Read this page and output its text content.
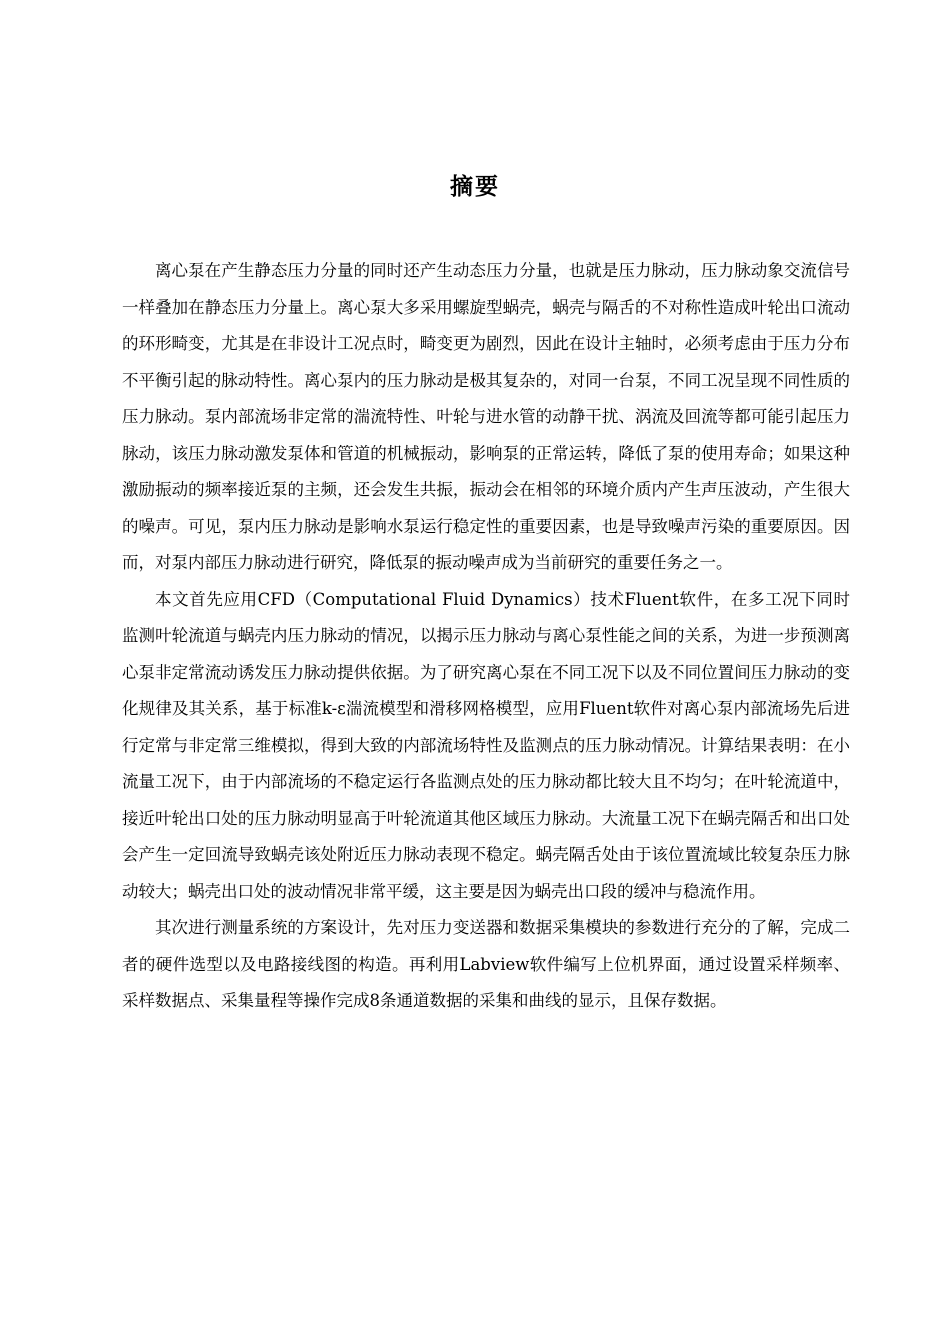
摘要

离心泵在产生静态压力分量的同时还产生动态压力分量，也就是压力脉动，压力脉动象交流信号一样叠加在静态压力分量上。离心泵大多采用螺旋型蜗壳，蜗壳与隔舌的不对称性造成叶轮出口流动的环形畸变，尤其是在非设计工况点时，畸变更为剧烈，因此在设计主轴时，必须考虑由于压力分布不平衡引起的脉动特性。离心泵内的压力脉动是极其复杂的，对同一台泵，不同工况呈现不同性质的压力脉动。泵内部流场非定常的湍流特性、叶轮与进水管的动静干扰、涡流及回流等都可能引起压力脉动，该压力脉动激发泵体和管道的机械振动，影响泵的正常运转，降低了泵的使用寿命；如果这种激励振动的频率接近泵的主频，还会发生共振，振动会在相邻的环境介质内产生声压波动，产生很大的噪声。可见，泵内压力脉动是影响水泵运行稳定性的重要因素，也是导致噪声污染的重要原因。因而，对泵内部压力脉动进行研究，降低泵的振动噪声成为当前研究的重要任务之一。

本文首先应用CFD（Computational Fluid Dynamics）技术Fluent软件，在多工况下同时监测叶轮流道与蜗壳内压力脉动的情况，以揭示压力脉动与离心泵性能之间的关系，为进一步预测离心泵非定常流动诱发压力脉动提供依据。为了研究离心泵在不同工况下以及不同位置间压力脉动的变化规律及其关系，基于标准k-ε湍流模型和滑移网格模型，应用Fluent软件对离心泵内部流场先后进行定常与非定常三维模拟，得到大致的内部流场特性及监测点的压力脉动情况。计算结果表明：在小流量工况下，由于内部流场的不稳定运行各监测点处的压力脉动都比较大且不均匀；在叶轮流道中，接近叶轮出口处的压力脉动明显高于叶轮流道其他区域压力脉动。大流量工况下在蜗壳隔舌和出口处会产生一定回流导致蜗壳该处附近压力脉动表现不稳定。蜗壳隔舌处由于该位置流域比较复杂压力脉动较大；蜗壳出口处的波动情况非常平缓，这主要是因为蜗壳出口段的缓冲与稳流作用。

其次进行测量系统的方案设计，先对压力变送器和数据采集模块的参数进行充分的了解，完成二者的硬件选型以及电路接线图的构造。再利用Labview软件编写上位机界面，通过设置采样频率、采样数据点、采集量程等操作完成8条通道数据的采集和曲线的显示，且保存数据。
